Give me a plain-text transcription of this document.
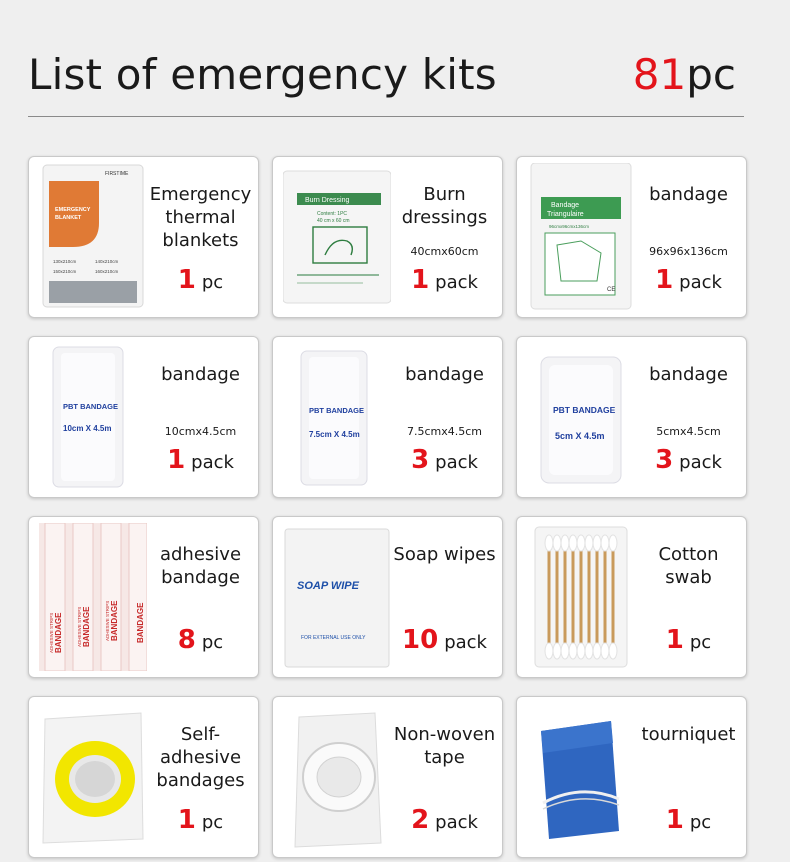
List of emergency kits	81pc
FIRSTIME
EMERGENCY
BLANKET
130x210cm	140x210cm
150x210cm	160x210cm
Emergency thermal blankets
1 pc
Burn Dressing
Content: 1PC
40 cm x 60 cm
Burn dressings
40cmx60cm
1 pack
Bandage
Triangulaire
96cmx96cmx136cm
CE
bandage
96x96x136cm
1 pack
PBT BANDAGE
10cm X 4.5m
bandage
10cmx4.5cm
1 pack
PBT BANDAGE
7.5cm X 4.5m
bandage
7.5cmx4.5cm
3 pack
PBT BANDAGE
5cm X 4.5m
bandage
5cmx4.5cm
3 pack
BANDAGE BANDAGE BANDAGE BANDAGE
ADHESIVE STRIPS	ADHESIVE STRIPS	ADHESIVE STRIPS
adhesive bandage
8 pc
SOAP WIPE
FOR EXTERNAL USE ONLY
Soap wipes
10 pack
Cotton swab
1 pc
Self-adhesive bandages
1 pc
Non-woven tape
2 pack
tourniquet
1 pc
